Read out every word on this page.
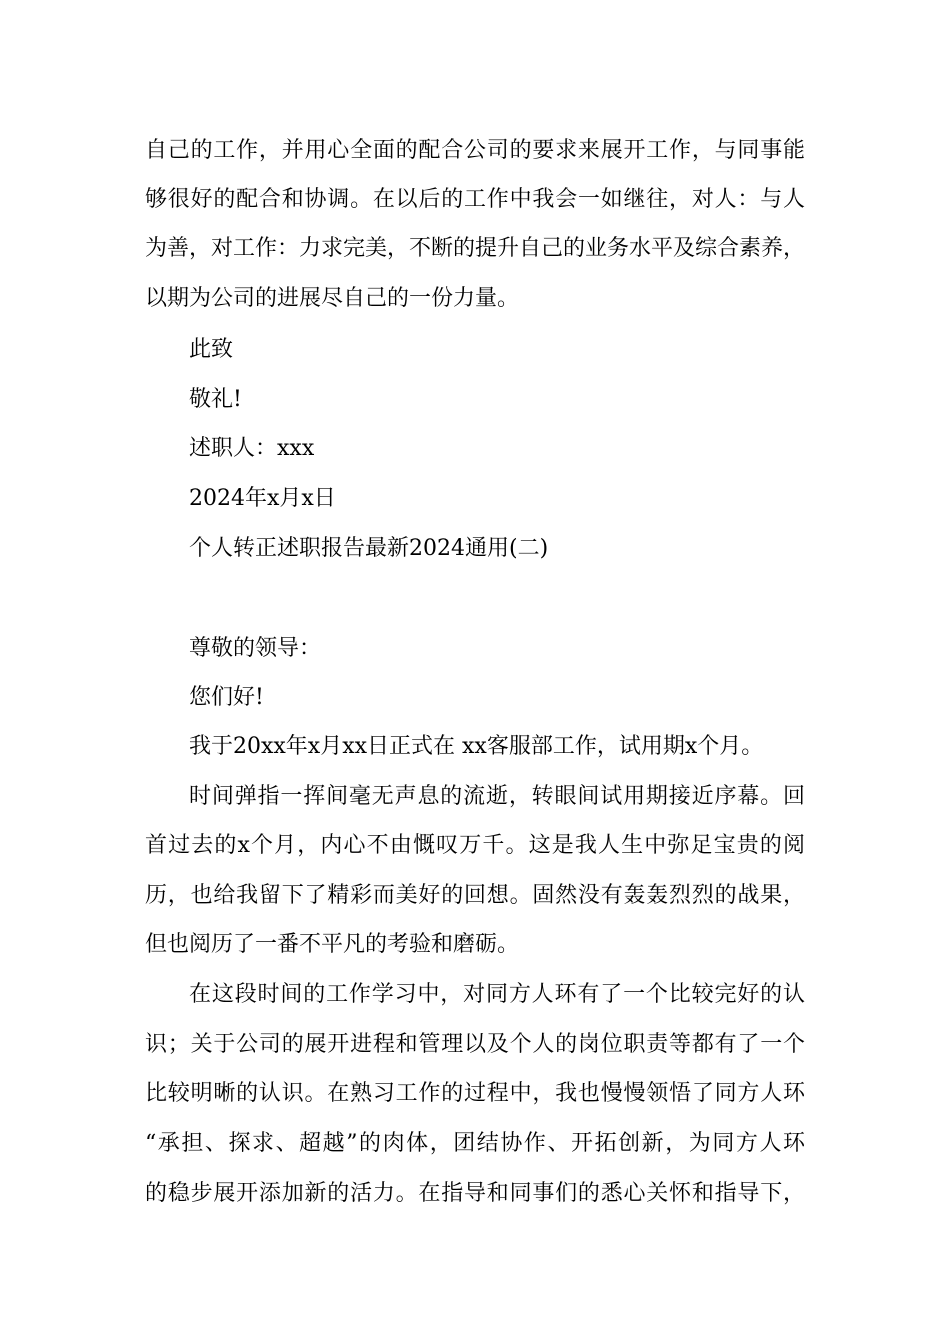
自己的工作，并用心全面的配合公司的要求来展开工作，与同事能
够很好的配合和协调。在以后的工作中我会一如继往，对人：与人
为善，对工作：力求完美，不断的提升自己的业务水平及综合素养，
以期为公司的进展尽自己的一份力量。
此致
敬礼!
述职人：xxx
2024年x月x日
个人转正述职报告最新2024通用(二)
尊敬的领导：
您们好!
我于20xx年x月xx日正式在 xx客服部工作，试用期x个月。
时间弹指一挥间毫无声息的流逝，转眼间试用期接近序幕。回
首过去的x个月，内心不由慨叹万千。这是我人生中弥足宝贵的阅
历，也给我留下了精彩而美好的回想。固然没有轰轰烈烈的战果，
但也阅历了一番不平凡的考验和磨砺。
在这段时间的工作学习中，对同方人环有了一个比较完好的认
识；关于公司的展开进程和管理以及个人的岗位职责等都有了一个
比较明晰的认识。在熟习工作的过程中，我也慢慢领悟了同方人环
“承担、探求、超越”的肉体，团结协作、开拓创新，为同方人环
的稳步展开添加新的活力。在指导和同事们的悉心关怀和指导下，
